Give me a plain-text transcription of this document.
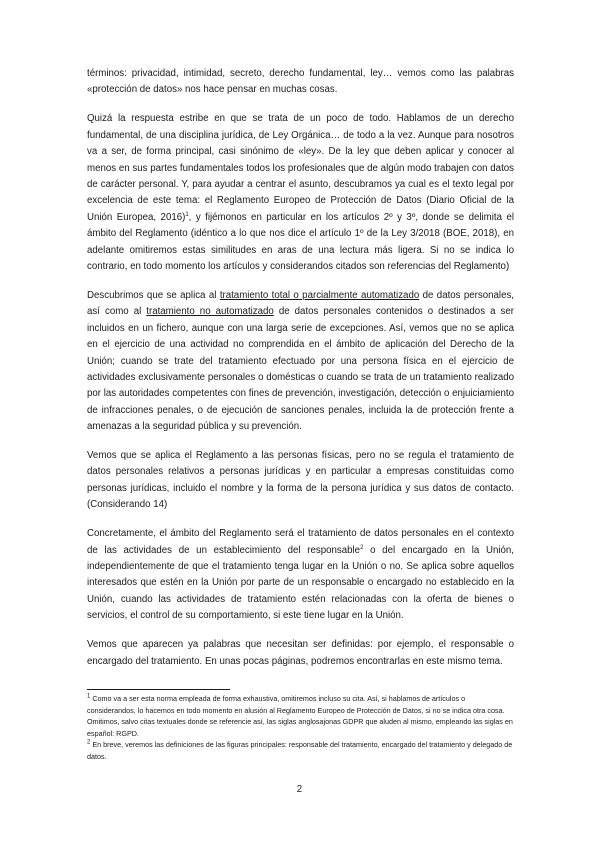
términos: privacidad, intimidad, secreto, derecho fundamental, ley… vemos como las palabras «protección de datos» nos hace pensar en muchas cosas.

Quizá la respuesta estribe en que se trata de un poco de todo. Hablamos de un derecho fundamental, de una disciplina jurídica, de Ley Orgánica… de todo a la vez. Aunque para nosotros va a ser, de forma principal, casi sinónimo de «ley». De la ley que deben aplicar y conocer al menos en sus partes fundamentales todos los profesionales que de algún modo trabajen con datos de carácter personal. Y, para ayudar a centrar el asunto, descubramos ya cual es el texto legal por excelencia de este tema: el Reglamento Europeo de Protección de Datos (Diario Oficial de la Unión Europea, 2016)$^1$, y fijémonos en particular en los artículos 2º y 3º, donde se delimita el ámbito del Reglamento (idéntico a lo que nos dice el artículo 1º de la Ley 3/2018 (BOE, 2018), en adelante omitiremos estas similitudes en aras de una lectura más ligera. Si no se indica lo contrario, en todo momento los artículos y considerandos citados son referencias del Reglamento)

Descubrimos que se aplica al tratamiento total o parcialmente automatizado de datos personales, así como al tratamiento no automatizado de datos personales contenidos o destinados a ser incluidos en un fichero, aunque con una larga serie de excepciones. Así, vemos que no se aplica en el ejercicio de una actividad no comprendida en el ámbito de aplicación del Derecho de la Unión; cuando se trate del tratamiento efectuado por una persona física en el ejercicio de actividades exclusivamente personales o domésticas o cuando se trata de un tratamiento realizado por las autoridades competentes con fines de prevención, investigación, detección o enjuiciamiento de infracciones penales, o de ejecución de sanciones penales, incluida la de protección frente a amenazas a la seguridad pública y su prevención.

Vemos que se aplica el Reglamento a las personas físicas, pero no se regula el tratamiento de datos personales relativos a personas jurídicas y en particular a empresas constituidas como personas jurídicas, incluido el nombre y la forma de la persona jurídica y sus datos de contacto. (Considerando 14)

Concretamente, el ámbito del Reglamento será el tratamiento de datos personales en el contexto de las actividades de un establecimiento del responsable$^2$ o del encargado en la Unión, independientemente de que el tratamiento tenga lugar en la Unión o no. Se aplica sobre aquellos interesados que estén en la Unión por parte de un responsable o encargado no establecido en la Unión, cuando las actividades de tratamiento estén relacionadas con la oferta de bienes o servicios, el control de su comportamiento, si este tiene lugar en la Unión.

Vemos que aparecen ya palabras que necesitan ser definidas: por ejemplo, el responsable o encargado del tratamiento. En unas pocas páginas, podremos encontrarlas en este mismo tema.

$^1$ Como va a ser esta norma empleada de forma exhaustiva, omitiremos incluso su cita. Así, si hablamos de artículos o considerandos, lo hacemos en todo momento en alusión al Reglamento Europeo de Protección de Datos, si no se indica otra cosa. Omitimos, salvo citas textuales donde se referencie así, las siglas anglosajonas GDPR que aluden al mismo, empleando las siglas en español: RGPD.

$^2$ En breve, veremos las definiciones de las figuras principales: responsable del tratamiento, encargado del tratamiento y delegado de datos.

2
